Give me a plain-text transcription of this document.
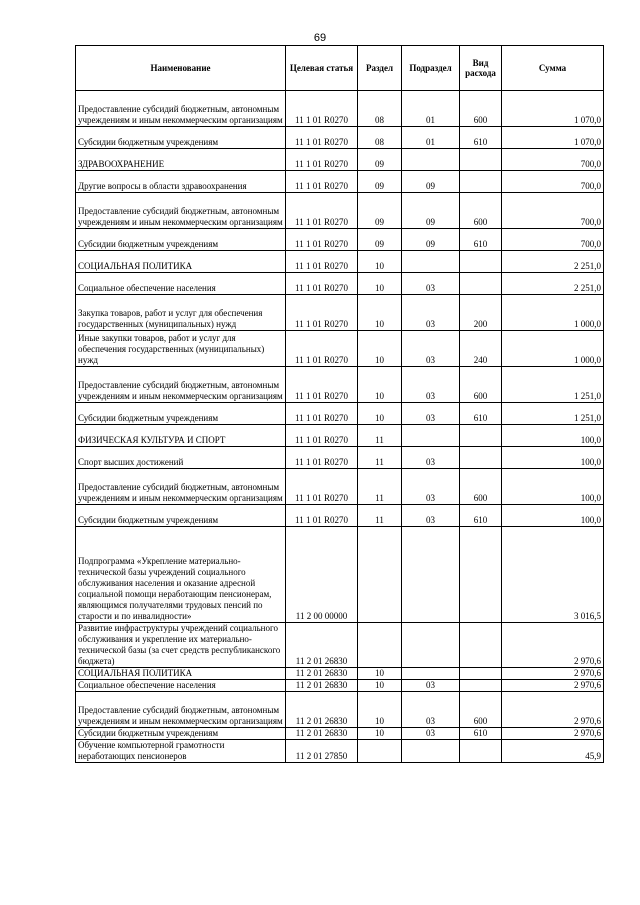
69
Наименование	Целевая статья	Раздел	Подраздел	Вид расхода	Сумма
Предоставление субсидий бюджетным, автономным учреждениям и иным некоммерческим организациям	11 1 01 R0270	08	01	600	1 070,0
Субсидии бюджетным учреждениям	11 1 01 R0270	08	01	610	1 070,0
ЗДРАВООХРАНЕНИЕ	11 1 01 R0270	09			700,0
Другие вопросы в области здравоохранения	11 1 01 R0270	09	09		700,0
Предоставление субсидий бюджетным, автономным учреждениям и иным некоммерческим организациям	11 1 01 R0270	09	09	600	700,0
Субсидии бюджетным учреждениям	11 1 01 R0270	09	09	610	700,0
СОЦИАЛЬНАЯ ПОЛИТИКА	11 1 01 R0270	10			2 251,0
Социальное обеспечение населения	11 1 01 R0270	10	03		2 251,0
Закупка товаров, работ и услуг для обеспечения государственных (муниципальных) нужд	11 1 01 R0270	10	03	200	1 000,0
Иные закупки товаров, работ и услуг для обеспечения государственных (муниципальных) нужд	11 1 01 R0270	10	03	240	1 000,0
Предоставление субсидий бюджетным, автономным учреждениям и иным некоммерческим организациям	11 1 01 R0270	10	03	600	1 251,0
Субсидии бюджетным учреждениям	11 1 01 R0270	10	03	610	1 251,0
ФИЗИЧЕСКАЯ КУЛЬТУРА И СПОРТ	11 1 01 R0270	11			100,0
Спорт высших достижений	11 1 01 R0270	11	03		100,0
Предоставление субсидий бюджетным, автономным учреждениям и иным некоммерческим организациям	11 1 01 R0270	11	03	600	100,0
Субсидии бюджетным учреждениям	11 1 01 R0270	11	03	610	100,0
Подпрограмма «Укрепление материально-технической базы учреждений социального обслуживания населения и оказание адресной социальной помощи неработающим пенсионерам, являющимся получателями трудовых пенсий по старости и по инвалидности»	11 2 00 00000				3 016,5
Развитие инфраструктуры учреждений социального обслуживания и укрепление их материально-технической базы (за счет средств республиканского бюджета)	11 2 01 26830				2 970,6
СОЦИАЛЬНАЯ ПОЛИТИКА	11 2 01 26830	10			2 970,6
Социальное обеспечение населения	11 2 01 26830	10	03		2 970,6
Предоставление субсидий бюджетным, автономным учреждениям и иным некоммерческим организациям	11 2 01 26830	10	03	600	2 970,6
Субсидии бюджетным учреждениям	11 2 01 26830	10	03	610	2 970,6
Обучение компьютерной грамотности неработающих пенсионеров	11 2 01 27850				45,9
